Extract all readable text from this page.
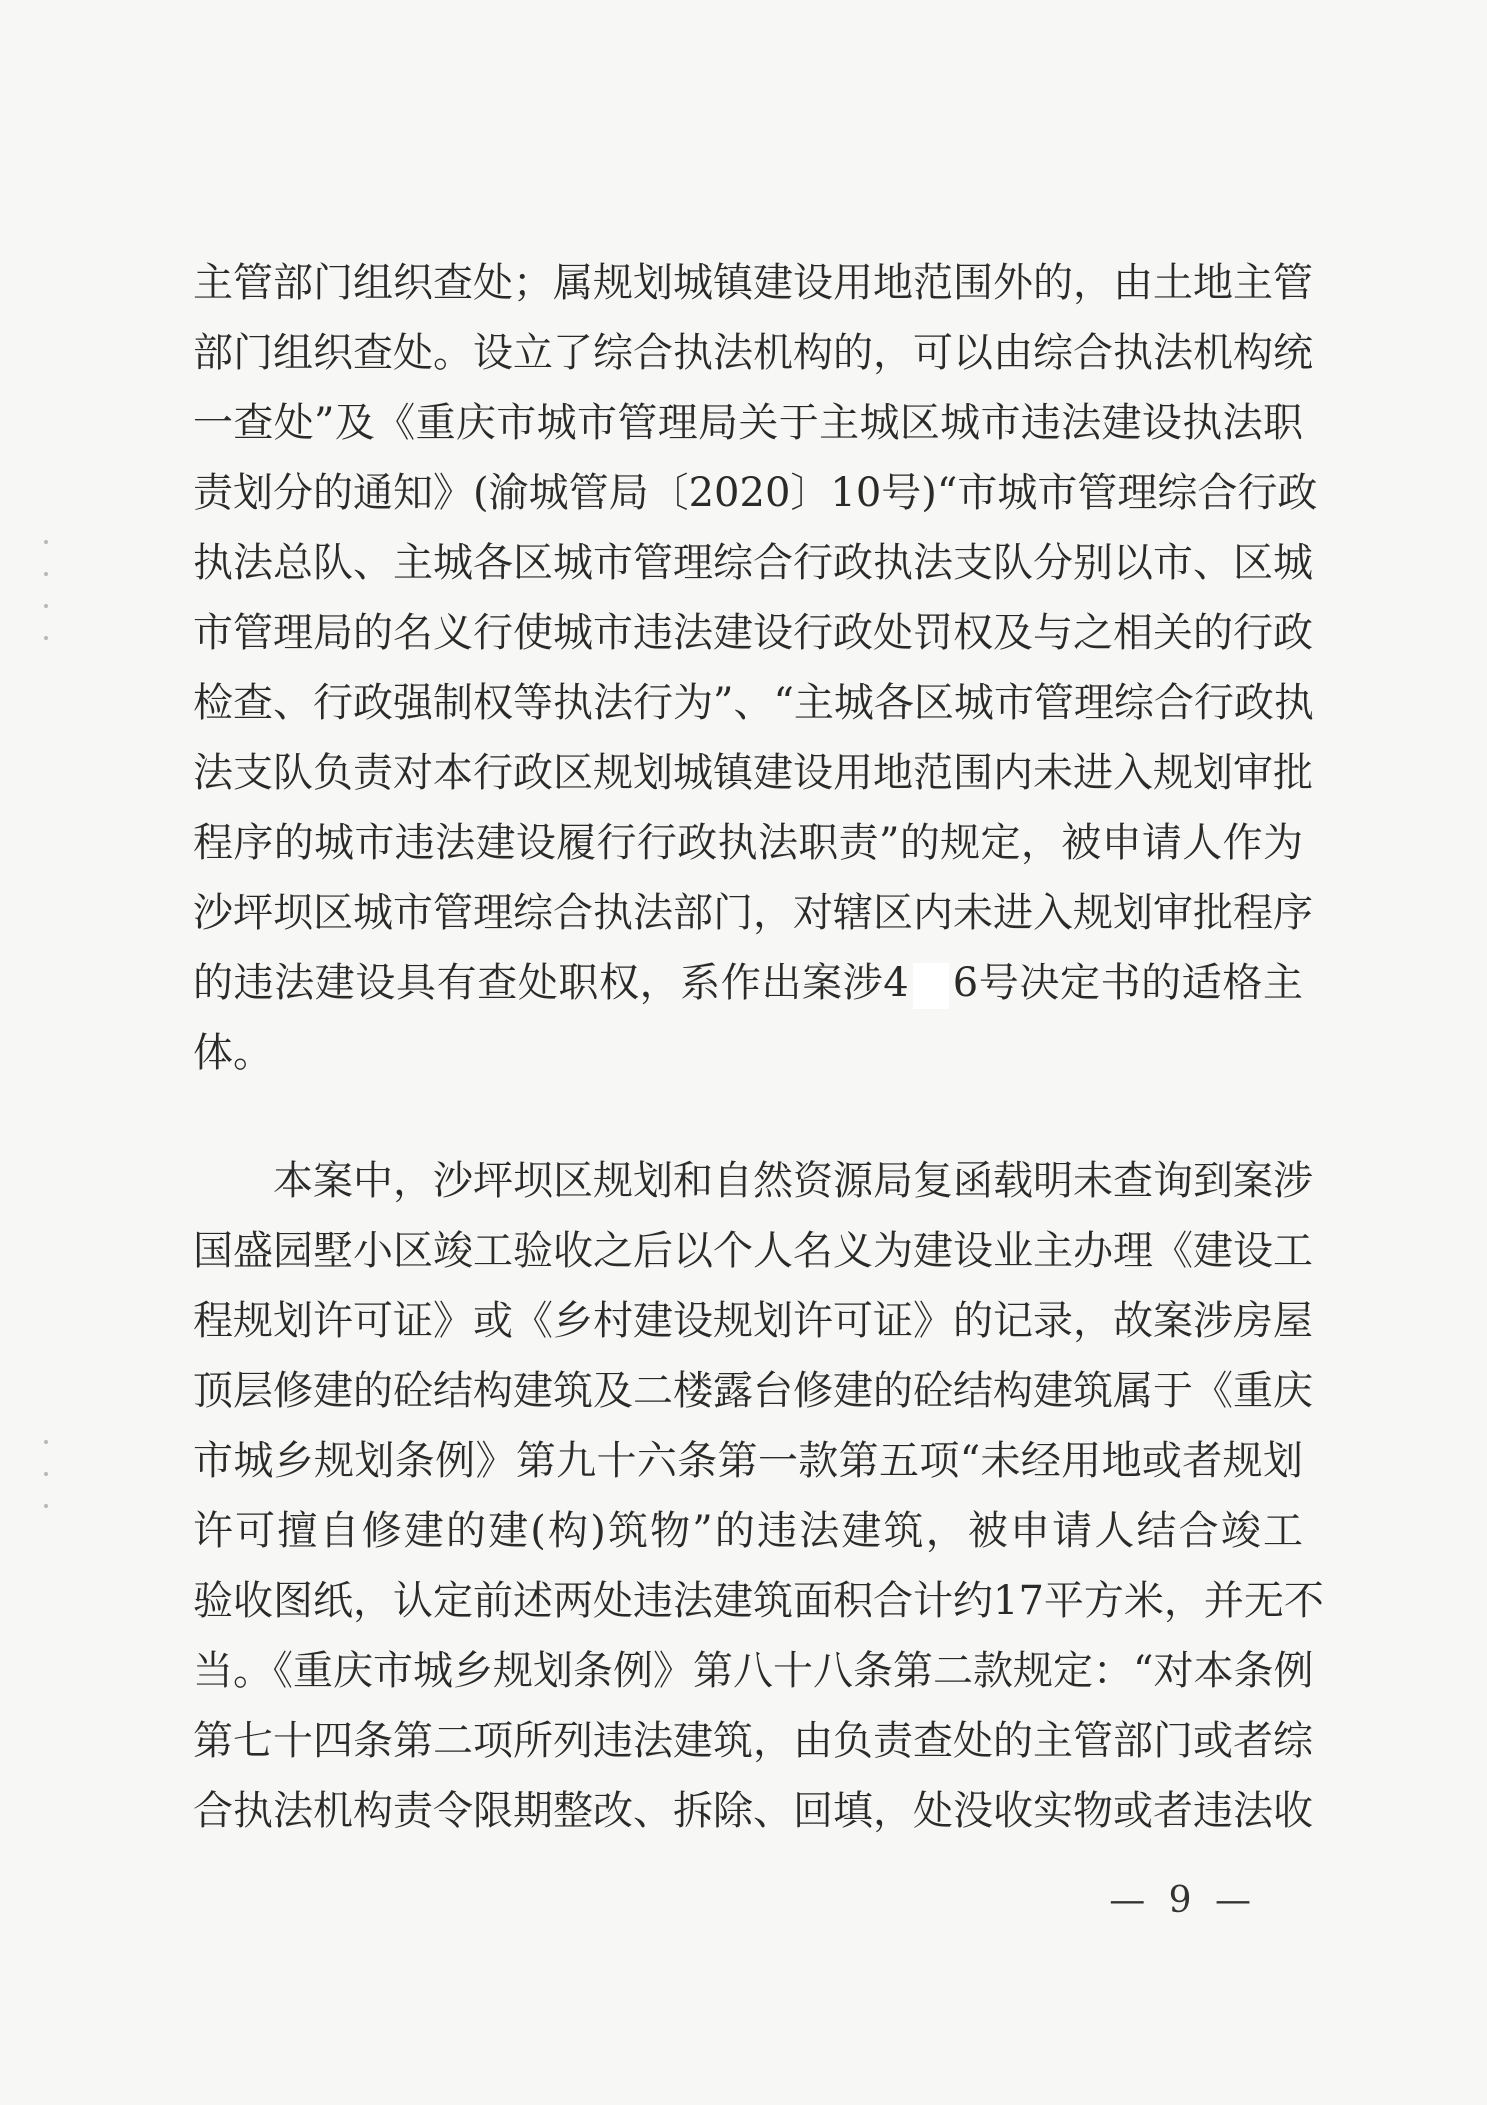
主管部门组织查处；属规划城镇建设用地范围外的，由土地主管
部门组织查处。设立了综合执法机构的，可以由综合执法机构统
一查处”及《重庆市城市管理局关于主城区城市违法建设执法职
责划分的通知》(渝城管局〔2020〕10号)“市城市管理综合行政
执法总队、主城各区城市管理综合行政执法支队分别以市、区城
市管理局的名义行使城市违法建设行政处罚权及与之相关的行政
检查、行政强制权等执法行为”、“主城各区城市管理综合行政执
法支队负责对本行政区规划城镇建设用地范围内未进入规划审批
程序的城市违法建设履行行政执法职责”的规定，被申请人作为
沙坪坝区城市管理综合执法部门，对辖区内未进入规划审批程序
的违法建设具有查处职权，系作出案涉4 6号决定书的适格主
体。
本案中，沙坪坝区规划和自然资源局复函载明未查询到案涉
国盛园墅小区竣工验收之后以个人名义为建设业主办理《建设工
程规划许可证》或《乡村建设规划许可证》的记录，故案涉房屋
顶层修建的砼结构建筑及二楼露台修建的砼结构建筑属于《重庆
市城乡规划条例》第九十六条第一款第五项“未经用地或者规划
许可擅自修建的建(构)筑物”的违法建筑，被申请人结合竣工
验收图纸，认定前述两处违法建筑面积合计约17平方米，并无不
当。《重庆市城乡规划条例》第八十八条第二款规定：“对本条例
第七十四条第二项所列违法建筑，由负责查处的主管部门或者综
合执法机构责令限期整改、拆除、回填，处没收实物或者违法收
— 9 —
